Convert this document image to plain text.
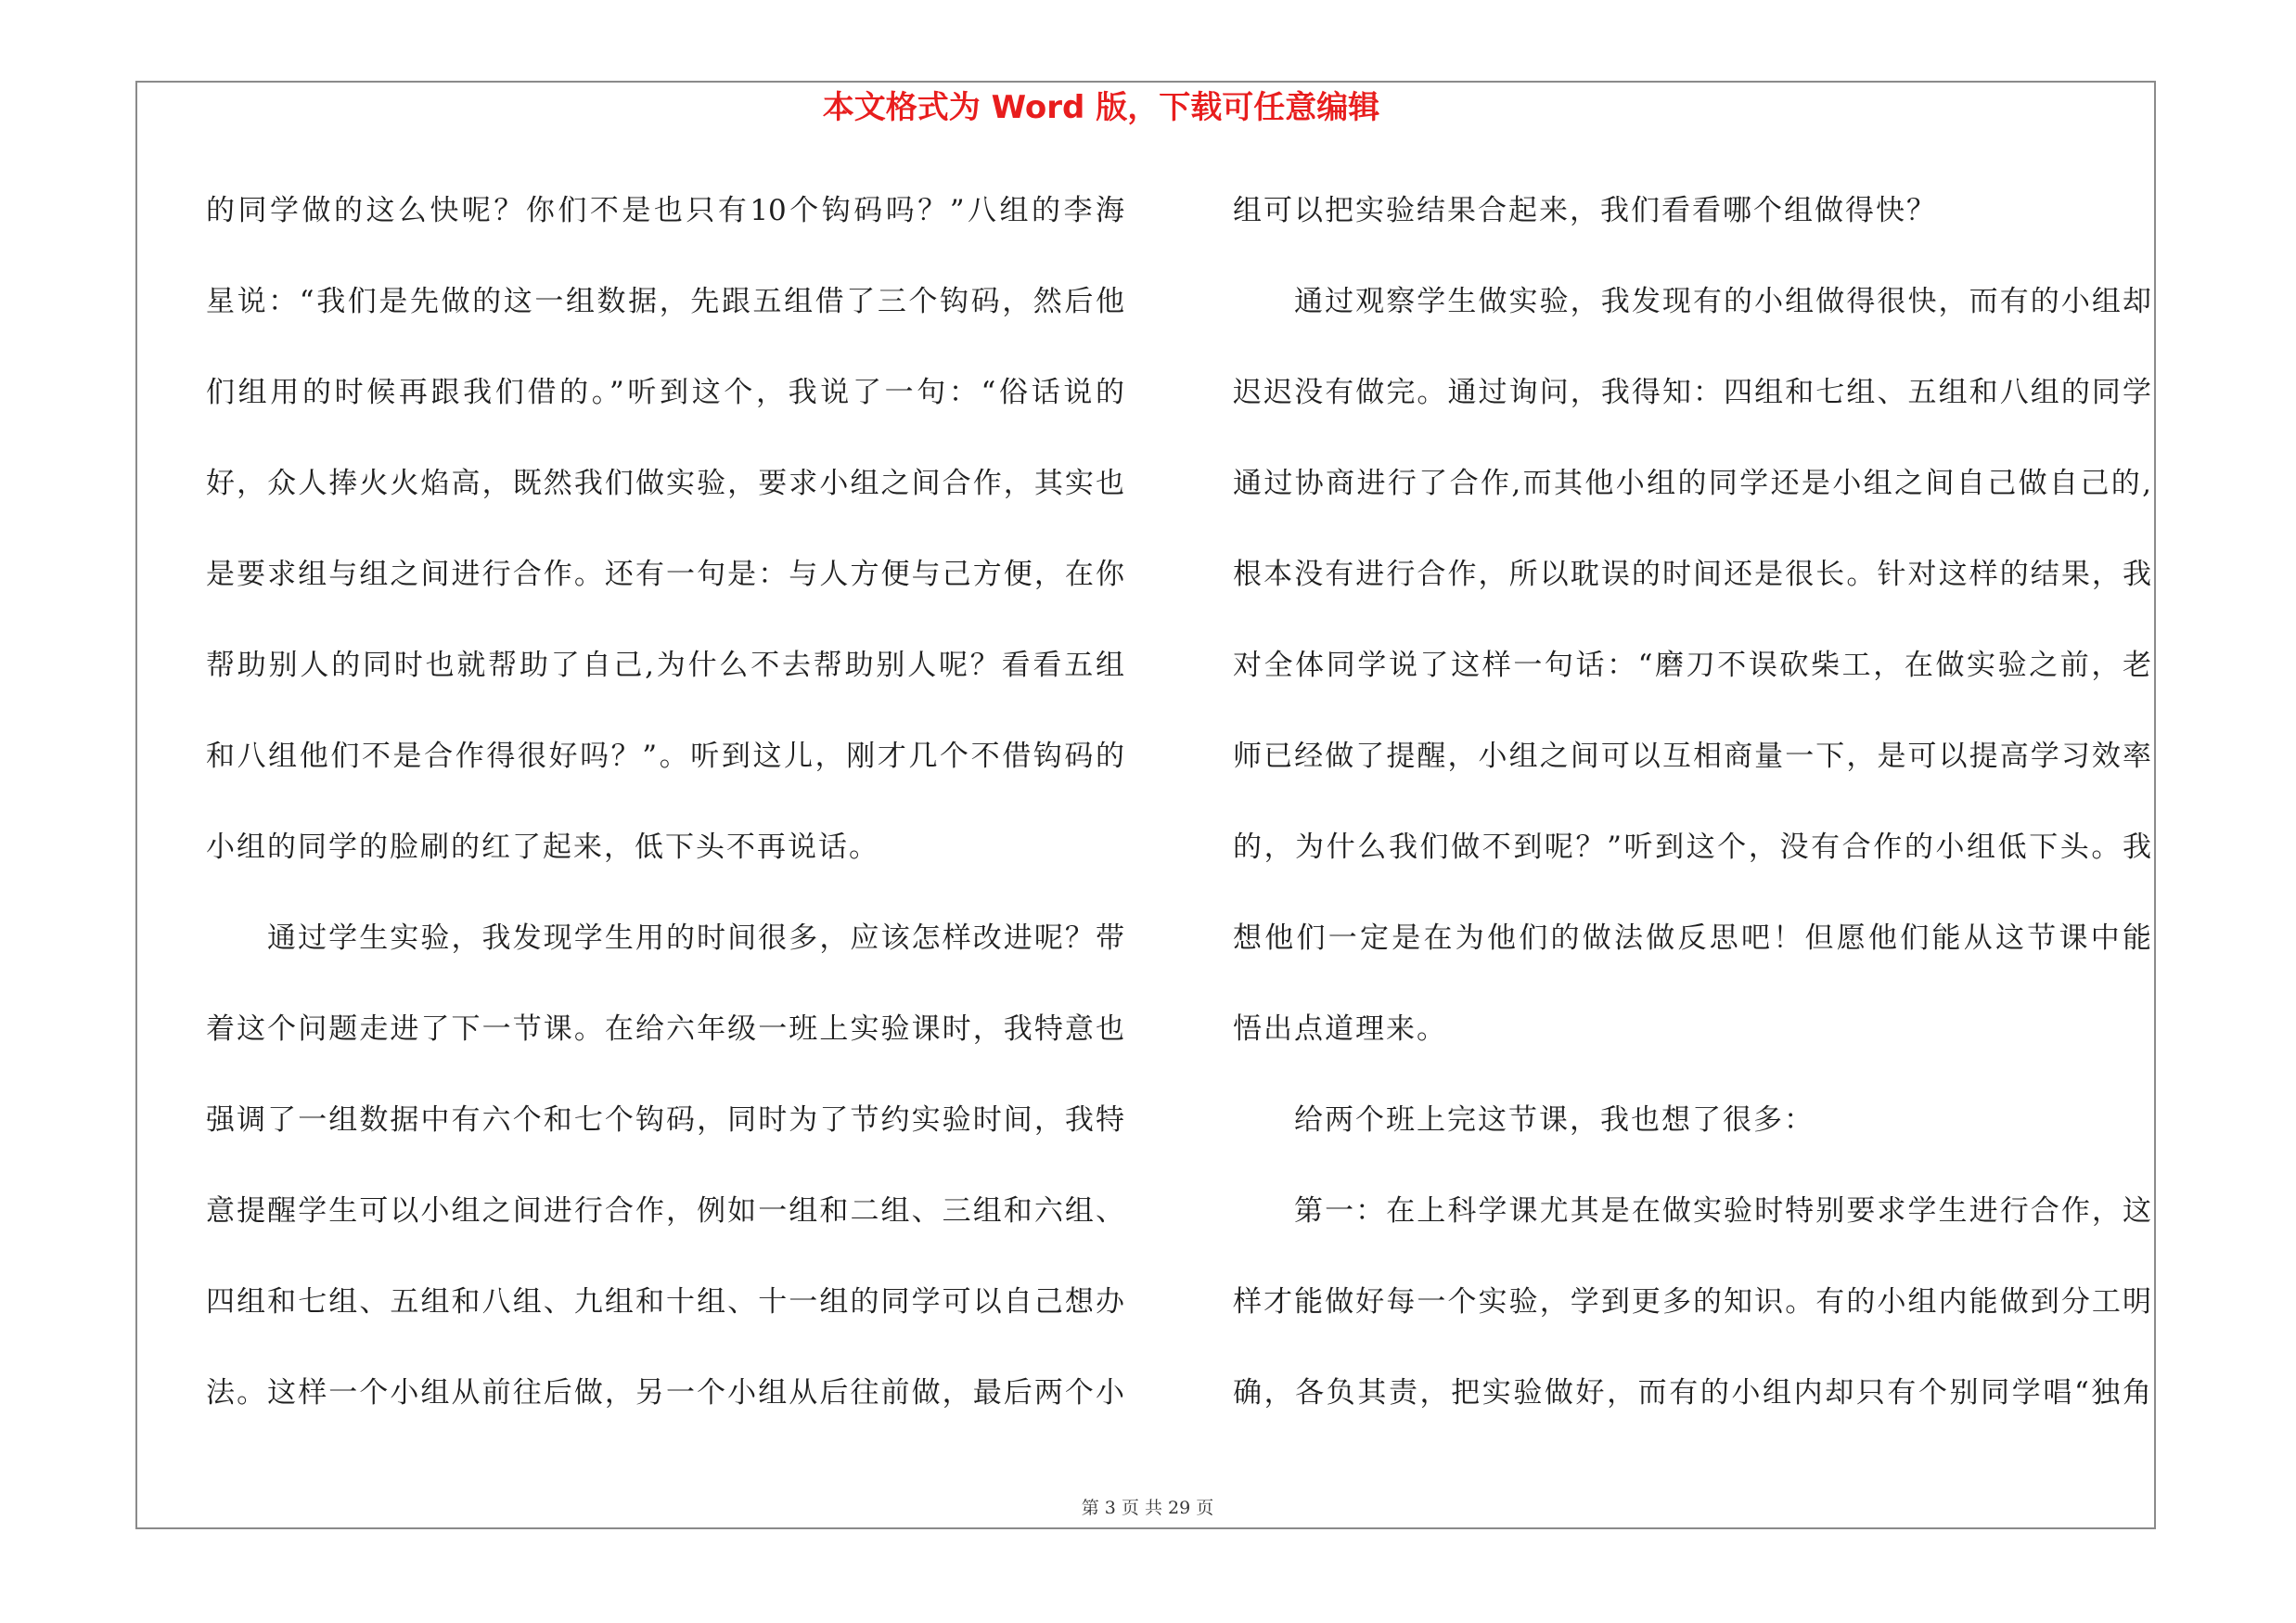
本文格式为 Word 版，下载可任意编辑
的同学做的这么快呢？你们不是也只有10个钩码吗？”八组的李海
星说：“我们是先做的这一组数据，先跟五组借了三个钩码，然后他
们组用的时候再跟我们借的。”听到这个，我说了一句：“俗话说的
好，众人捧火火焰高，既然我们做实验，要求小组之间合作，其实也
是要求组与组之间进行合作。还有一句是：与人方便与己方便，在你
帮助别人的同时也就帮助了自己,为什么不去帮助别人呢？看看五组
和八组他们不是合作得很好吗？”。听到这儿，刚才几个不借钩码的
小组的同学的脸刷的红了起来，低下头不再说话。
通过学生实验，我发现学生用的时间很多，应该怎样改进呢？带
着这个问题走进了下一节课。在给六年级一班上实验课时，我特意也
强调了一组数据中有六个和七个钩码，同时为了节约实验时间，我特
意提醒学生可以小组之间进行合作，例如一组和二组、三组和六组、
四组和七组、五组和八组、九组和十组、十一组的同学可以自己想办
法。这样一个小组从前往后做，另一个小组从后往前做，最后两个小
组可以把实验结果合起来，我们看看哪个组做得快？
通过观察学生做实验，我发现有的小组做得很快，而有的小组却
迟迟没有做完。通过询问，我得知：四组和七组、五组和八组的同学
通过协商进行了合作,而其他小组的同学还是小组之间自己做自己的,
根本没有进行合作，所以耽误的时间还是很长。针对这样的结果，我
对全体同学说了这样一句话：“磨刀不误砍柴工，在做实验之前，老
师已经做了提醒，小组之间可以互相商量一下，是可以提高学习效率
的，为什么我们做不到呢？”听到这个，没有合作的小组低下头。我
想他们一定是在为他们的做法做反思吧！但愿他们能从这节课中能
悟出点道理来。
给两个班上完这节课，我也想了很多：
第一：在上科学课尤其是在做实验时特别要求学生进行合作，这
样才能做好每一个实验，学到更多的知识。有的小组内能做到分工明
确，各负其责，把实验做好，而有的小组内却只有个别同学唱“独角
第 3 页 共 29 页
